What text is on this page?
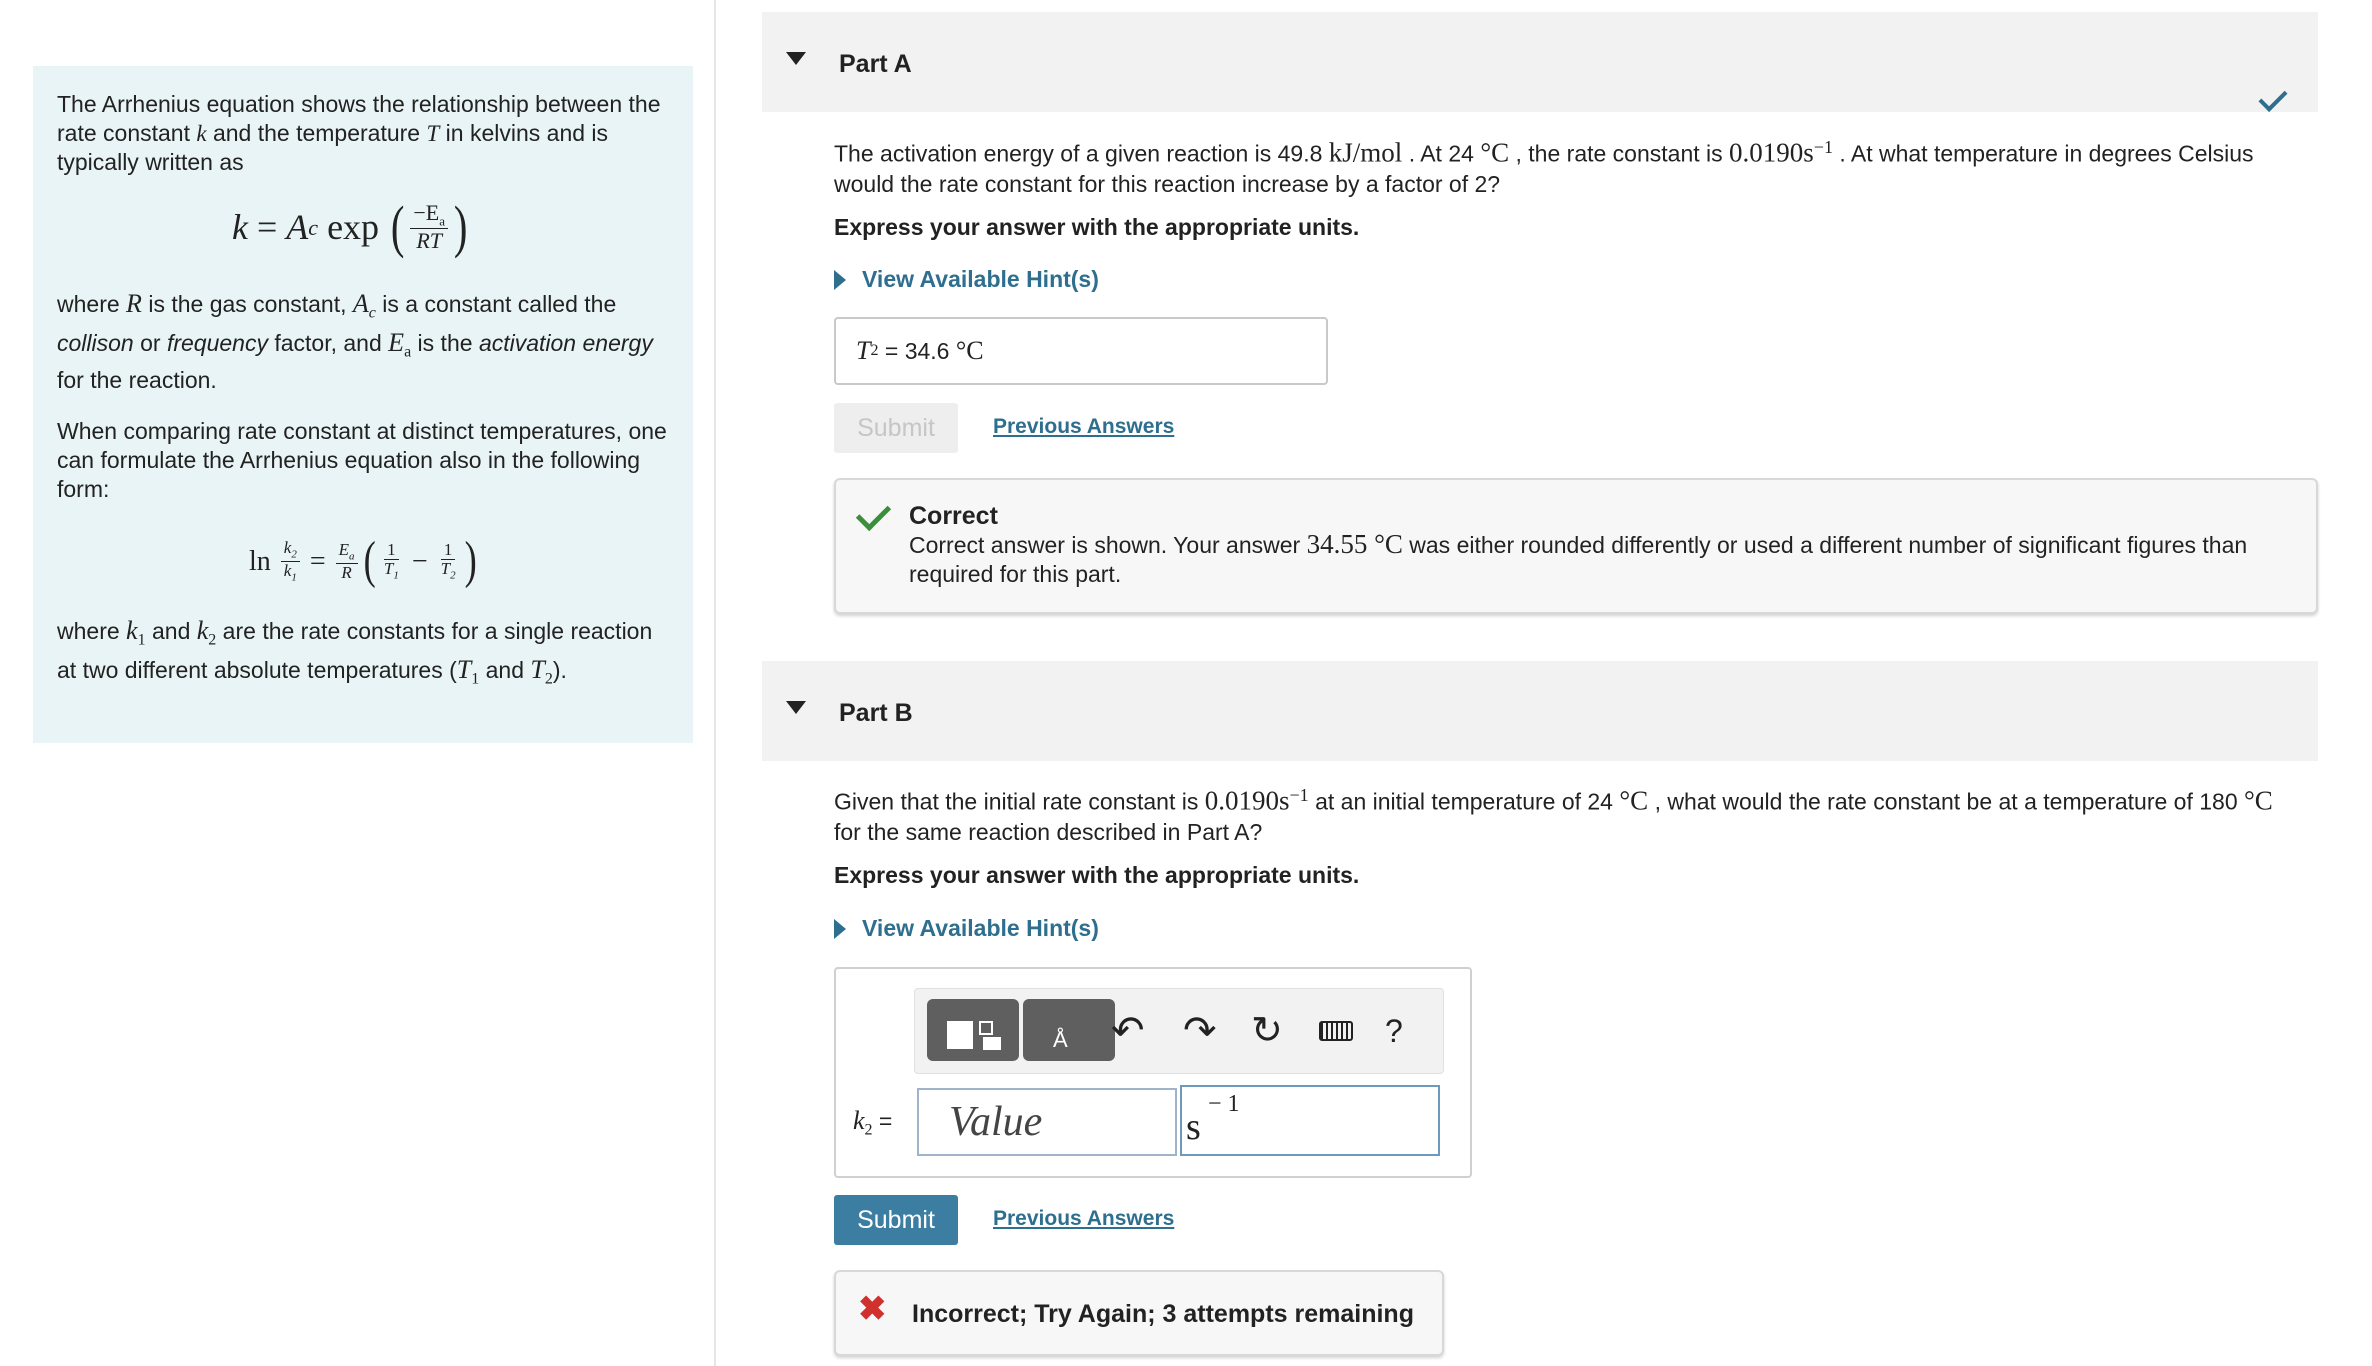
The Arrhenius equation shows the relationship between the rate constant k and the temperature T in kelvins and is typically written as

k
=
A c
exp
( $\frac{-E_a}{RT}$ )

where R is the gas constant, $A_c$ is a constant called the collison or frequency factor, and $E_a$ is the activation energy for the reaction.

When comparing rate constant at distinct temperatures, one can formulate the Arrhenius equation also in the following form:

ln
$\frac{k_2}{k_1}$
=
$\frac{E_a}{R}$ ( $\frac{1}{T_1}$
−
$\frac{1}{T_2}$ )

where $k_1$ and $k_2$ are the rate constants for a single reaction at two different absolute temperatures ($T_1$ and $T_2$).

Part A
The activation energy of a given reaction is 49.8 kJ/mol . At 24 °C , the rate constant is $0.0190s^{-1}$ . At what temperature in degrees Celsius would the rate constant for this reaction increase by a factor of 2?
Express your answer with the appropriate units.
View Available Hint(s)
T 2 = 34.6 °C
Submit	Previous Answers
Correct
Correct answer is shown. Your answer 34.55 °C was either rounded differently or used a different number of significant figures than required for this part.
Part B
Given that the initial rate constant is $0.0190s^{-1}$ at an initial temperature of 24 °C , what would the rate constant be at a temperature of 180 °C for the same reaction described in Part A?
Express your answer with the appropriate units.
View Available Hint(s)
Å ↶ ↷ ↻	?
$k_2$ =	Value	s
− 1
Submit	Previous Answers
✖ Incorrect; Try Again; 3 attempts remaining
